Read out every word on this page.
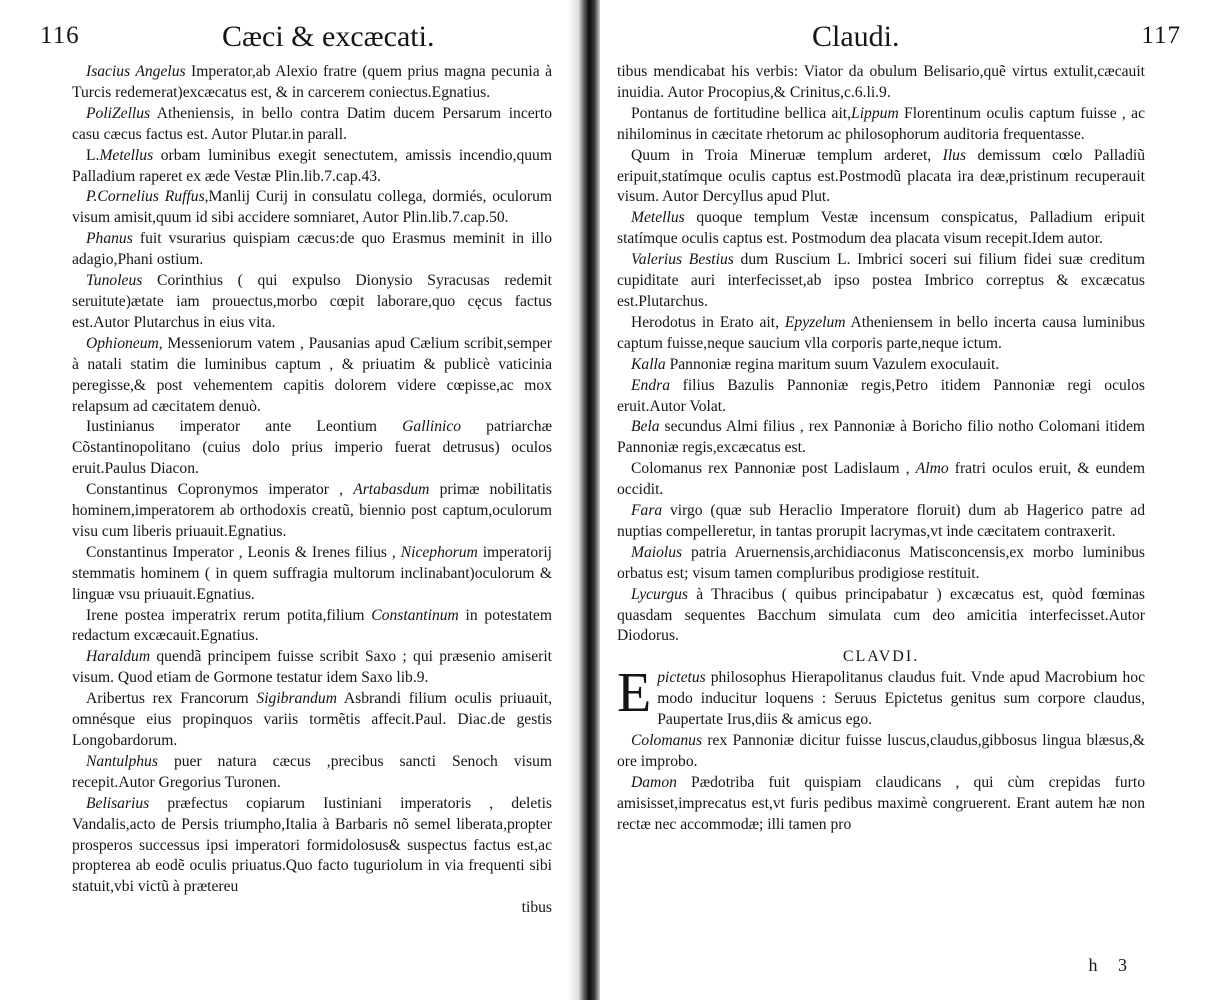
116	Cæci & excæcati.

Isacius Angelus Imperator,ab Alexio fratre (quem prius magna pecunia à Turcis redemerat)excæcatus est, & in carcerem coniectus.Egnatius.

PoliZellus Atheniensis, in bello contra Datim ducem Persarum incerto casu cæcus factus est. Autor Plutar.in parall.

L.Metellus orbam luminibus exegit senectutem, amissis incendio,quum Palladium raperet ex æde Vestæ Plin.lib.7.cap.43.

P.Cornelius Ruffus,Manlij Curij in consulatu collega, dormiés, oculorum visum amisit,quum id sibi accidere somniaret, Autor Plin.lib.7.cap.50.

Phanus fuit vsurarius quispiam cæcus:de quo Erasmus meminit in illo adagio,Phani ostium.

Tunoleus Corinthius ( qui expulso Dionysio Syracusas redemit seruitute)ætate iam prouectus,morbo cœpit laborare,quo cęcus factus est.Autor Plutarchus in eius vita.

Ophioneum, Messeniorum vatem , Pausanias apud Cælium scribit,semper à natali statim die luminibus captum , & priuatim & publicè vaticinia peregisse,& post vehementem capitis dolorem videre cœpisse,ac mox relapsum ad cæcitatem denuò.

Iustinianus imperator ante Leontium Gallinico patriarchæ Cõstantinopolitano (cuius dolo prius imperio fuerat detrusus) oculos eruit.Paulus Diacon.

Constantinus Copronymos imperator , Artabasdum primæ nobilitatis hominem,imperatorem ab orthodoxis creatũ, biennio post captum,oculorum visu cum liberis priuauit.Egnatius.

Constantinus Imperator , Leonis & Irenes filius , Nicephorum imperatorij stemmatis hominem ( in quem suffragia multorum inclinabant)oculorum & linguæ vsu priuauit.Egnatius.

Irene postea imperatrix rerum potita,filium Constantinum in potestatem redactum excæcauit.Egnatius.

Haraldum quendã principem fuisse scribit Saxo ; qui præsenio amiserit visum. Quod etiam de Gormone testatur idem Saxo lib.9.

Aribertus rex Francorum Sigibrandum Asbrandi filium oculis priuauit, omnésque eius propinquos variis tormẽtis affecit.Paul. Diac.de gestis Longobardorum.

Nantulphus puer natura cæcus ,precibus sancti Senoch visum recepit.Autor Gregorius Turonen.

Belisarius præfectus copiarum Iustiniani imperatoris , deletis Vandalis,acto de Persis triumpho,Italia à Barbaris nõ semel liberata,propter prosperos successus ipsi imperatori formidolosus& suspectus factus est,ac propterea ab eodẽ oculis priuatus.Quo facto tuguriolum in via frequenti sibi statuit,vbi victũ à prætereu

tibus

117
Claudi.

tibus mendicabat his verbis: Viator da obulum Belisario,quẽ virtus extulit,cæcauit inuidia. Autor Procopius,& Crinitus,c.6.li.9.

Pontanus de fortitudine bellica ait,Lippum Florentinum oculis captum fuisse , ac nihilominus in cæcitate rhetorum ac philosophorum auditoria frequentasse.

Quum in Troia Mineruæ templum arderet, Ilus demissum cœlo Palladiũ eripuit,statímque oculis captus est.Postmodũ placata ira deæ,pristinum recuperauit visum. Autor Dercyllus apud Plut.

Metellus quoque templum Vestæ incensum conspicatus, Palladium eripuit statímque oculis captus est. Postmodum dea placata visum recepit.Idem autor.

Valerius Bestius dum Ruscium L. Imbrici soceri sui filium fidei suæ creditum cupiditate auri interfecisset,ab ipso postea Imbrico correptus & excæcatus est.Plutarchus.

Herodotus in Erato ait, Epyzelum Atheniensem in bello incerta causa luminibus captum fuisse,neque saucium vlla corporis parte,neque ictum.

Kalla Pannoniæ regina maritum suum Vazulem exoculauit.

Endra filius Bazulis Pannoniæ regis,Petro itidem Pannoniæ regi oculos eruit.Autor Volat.

Bela secundus Almi filius , rex Pannoniæ à Boricho filio notho Colomani itidem Pannoniæ regis,excæcatus est.

Colomanus rex Pannoniæ post Ladislaum , Almo fratri oculos eruit, & eundem occidit.

Fara virgo (quæ sub Heraclio Imperatore floruit) dum ab Hagerico patre ad nuptias compelleretur, in tantas prorupit lacrymas,vt inde cæcitatem contraxerit.

Maiolus patria Aruernensis,archidiaconus Matisconcensis,ex morbo luminibus orbatus est; visum tamen compluribus prodigiose restituit.

Lycurgus à Thracibus ( quibus principabatur ) excæcatus est, quòd fœminas quasdam sequentes Bacchum simulata cum deo amicitia interfecisset.Autor Diodorus.

CLAVDI.

Epictetus philosophus Hierapolitanus claudus fuit. Vnde apud Macrobium hoc modo inducitur loquens : Seruus Epictetus genitus sum corpore claudus, Paupertate Irus,diis & amicus ego.

Colomanus rex Pannoniæ dicitur fuisse luscus,claudus,gibbosus lingua blæsus,& ore improbo.

Damon Pædotriba fuit quispiam claudicans , qui cùm crepidas furto amisisset,imprecatus est,vt furis pedibus maximè congruerent. Erant autem hæ non rectæ nec accommodæ; illi tamen pro

h 3
